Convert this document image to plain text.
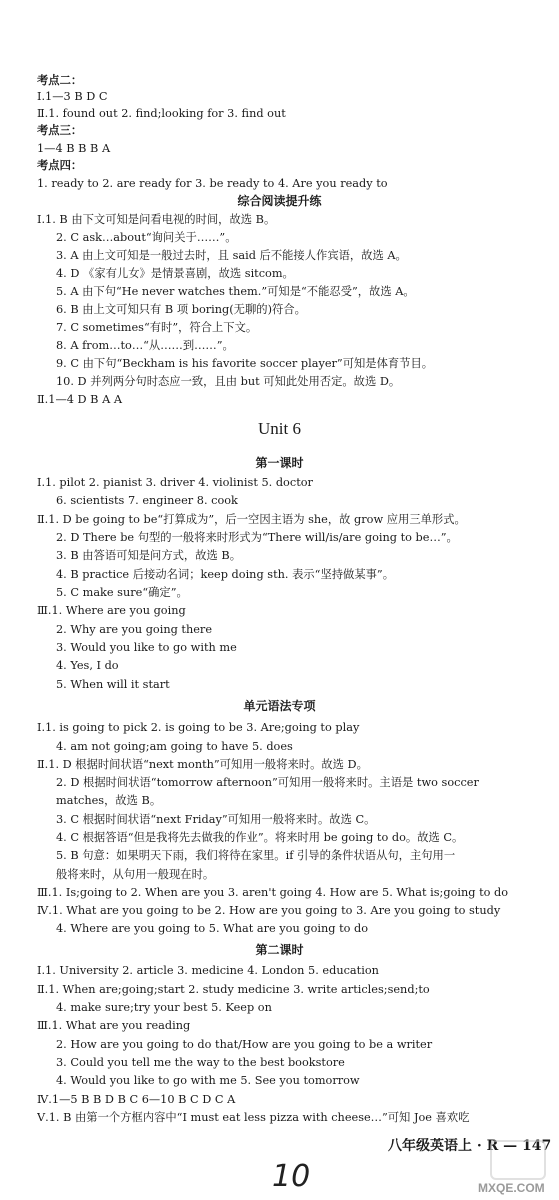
考点二：
Ⅰ.1—3 B D C
Ⅱ.1. found out 2. find;looking for 3. find out
考点三：
1—4 B B B A
考点四：
1. ready to 2. are ready for 3. be ready to 4. Are you ready to
综合阅读提升练
Ⅰ.1. B 由下文可知是问看电视的时间，故选 B。
2. C ask…about“询问关于……”。
3. A 由上文可知是一般过去时，且 said 后不能接人作宾语，故选 A。
4. D 《家有儿女》是情景喜剧，故选 sitcom。
5. A 由下句“He never watches them.”可知是“不能忍受”，故选 A。
6. B 由上文可知只有 B 项 boring(无聊的)符合。
7. C sometimes“有时”，符合上下文。
8. A from…to…“从……到……”。
9. C 由下句“Beckham is his favorite soccer player”可知是体育节目。
10. D 并列两分句时态应一致，且由 but 可知此处用否定。故选 D。
Ⅱ.1—4 D B A A
Unit 6
第一课时
Ⅰ.1. pilot 2. pianist 3. driver 4. violinist 5. doctor
6. scientists 7. engineer 8. cook
Ⅱ.1. D be going to be“打算成为”，后一空因主语为 she，故 grow 应用三单形式。
2. D There be 句型的一般将来时形式为“There will/is/are going to be…”。
3. B 由答语可知是问方式，故选 B。
4. B practice 后接动名词；keep doing sth. 表示“坚持做某事”。
5. C make sure“确定”。
Ⅲ.1. Where are you going
2. Why are you going there
3. Would you like to go with me
4. Yes, I do
5. When will it start
单元语法专项
Ⅰ.1. is going to pick 2. is going to be 3. Are;going to play
4. am not going;am going to have 5. does
Ⅱ.1. D 根据时间状语“next month”可知用一般将来时。故选 D。
2. D 根据时间状语“tomorrow afternoon”可知用一般将来时。主语是 two soccer
matches，故选 B。
3. C 根据时间状语“next Friday”可知用一般将来时。故选 C。
4. C 根据答语“但是我将先去做我的作业”。将来时用 be going to do。故选 C。
5. B 句意：如果明天下雨，我们将待在家里。if 引导的条件状语从句，主句用一
般将来时，从句用一般现在时。
Ⅲ.1. Is;going to 2. When are you 3. aren't going 4. How are 5. What is;going to do
Ⅳ.1. What are you going to be 2. How are you going to 3. Are you going to study
4. Where are you going to 5. What are you going to do
第二课时
Ⅰ.1. University 2. article 3. medicine 4. London 5. education
Ⅱ.1. When are;going;start 2. study medicine 3. write articles;send;to
4. make sure;try your best 5. Keep on
Ⅲ.1. What are you reading
2. How are you going to do that/How are you going to be a writer
3. Could you tell me the way to the best bookstore
4. Would you like to go with me 5. See you tomorrow
Ⅳ.1—5 B B D B C 6—10 B C D C A
Ⅴ.1. B 由第一个方框内容中“I must eat less pizza with cheese…”可知 Joe 喜欢吃
八年级英语上 · R — 147
10	MXQE.COM
